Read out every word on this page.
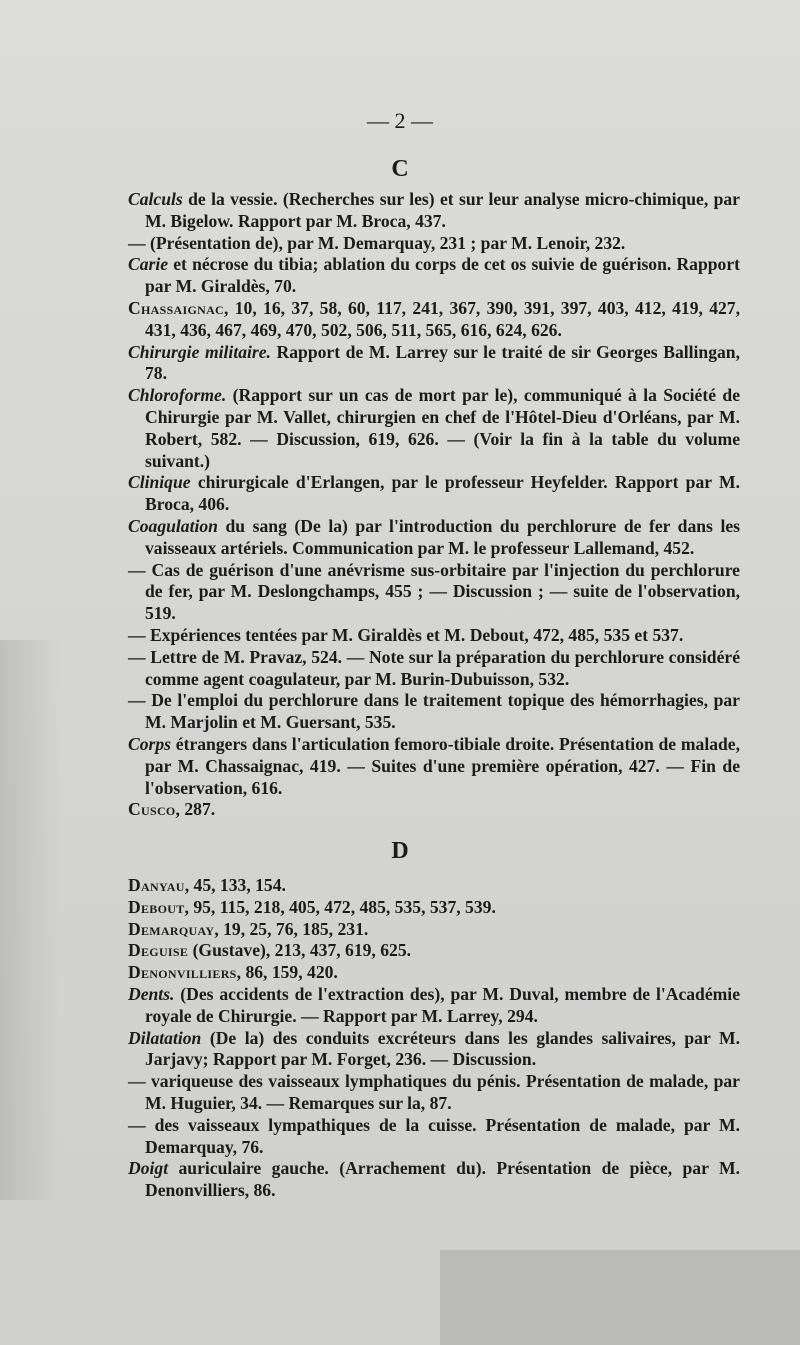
— 2 —
C

Calculs de la vessie. (Recherches sur les) et sur leur analyse micro-chimique, par M. Bigelow. Rapport par M. Broca, 437.

— (Présentation de), par M. Demarquay, 231 ; par M. Lenoir, 232.

Carie et nécrose du tibia; ablation du corps de cet os suivie de guérison. Rapport par M. Giraldès, 70.

Chassaignac, 10, 16, 37, 58, 60, 117, 241, 367, 390, 391, 397, 403, 412, 419, 427, 431, 436, 467, 469, 470, 502, 506, 511, 565, 616, 624, 626.

Chirurgie militaire. Rapport de M. Larrey sur le traité de sir Georges Ballingan, 78.

Chloroforme. (Rapport sur un cas de mort par le), communiqué à la Société de Chirurgie par M. Vallet, chirurgien en chef de l'Hôtel-Dieu d'Orléans, par M. Robert, 582. — Discussion, 619, 626. — (Voir la fin à la table du volume suivant.)

Clinique chirurgicale d'Erlangen, par le professeur Heyfelder. Rapport par M. Broca, 406.

Coagulation du sang (De la) par l'introduction du perchlorure de fer dans les vaisseaux artériels. Communication par M. le professeur Lallemand, 452.

— Cas de guérison d'une anévrisme sus-orbitaire par l'injection du perchlorure de fer, par M. Deslongchamps, 455 ; — Discussion ; — suite de l'observation, 519.

— Expériences tentées par M. Giraldès et M. Debout, 472, 485, 535 et 537.

— Lettre de M. Pravaz, 524. — Note sur la préparation du perchlorure considéré comme agent coagulateur, par M. Burin-Dubuisson, 532.

— De l'emploi du perchlorure dans le traitement topique des hémorrhagies, par M. Marjolin et M. Guersant, 535.

Corps étrangers dans l'articulation femoro-tibiale droite. Présentation de malade, par M. Chassaignac, 419. — Suites d'une première opération, 427. — Fin de l'observation, 616.

Cusco, 287.

D

Danyau, 45, 133, 154.

Debout, 95, 115, 218, 405, 472, 485, 535, 537, 539.

Demarquay, 19, 25, 76, 185, 231.

Deguise (Gustave), 213, 437, 619, 625.

Denonvilliers, 86, 159, 420.

Dents. (Des accidents de l'extraction des), par M. Duval, membre de l'Académie royale de Chirurgie. — Rapport par M. Larrey, 294.

Dilatation (De la) des conduits excréteurs dans les glandes salivaires, par M. Jarjavy; Rapport par M. Forget, 236. — Discussion.

— variqueuse des vaisseaux lymphatiques du pénis. Présentation de malade, par M. Huguier, 34. — Remarques sur la, 87.

— des vaisseaux lympathiques de la cuisse. Présentation de malade, par M. Demarquay, 76.

Doigt auriculaire gauche. (Arrachement du). Présentation de pièce, par M. Denonvilliers, 86.
